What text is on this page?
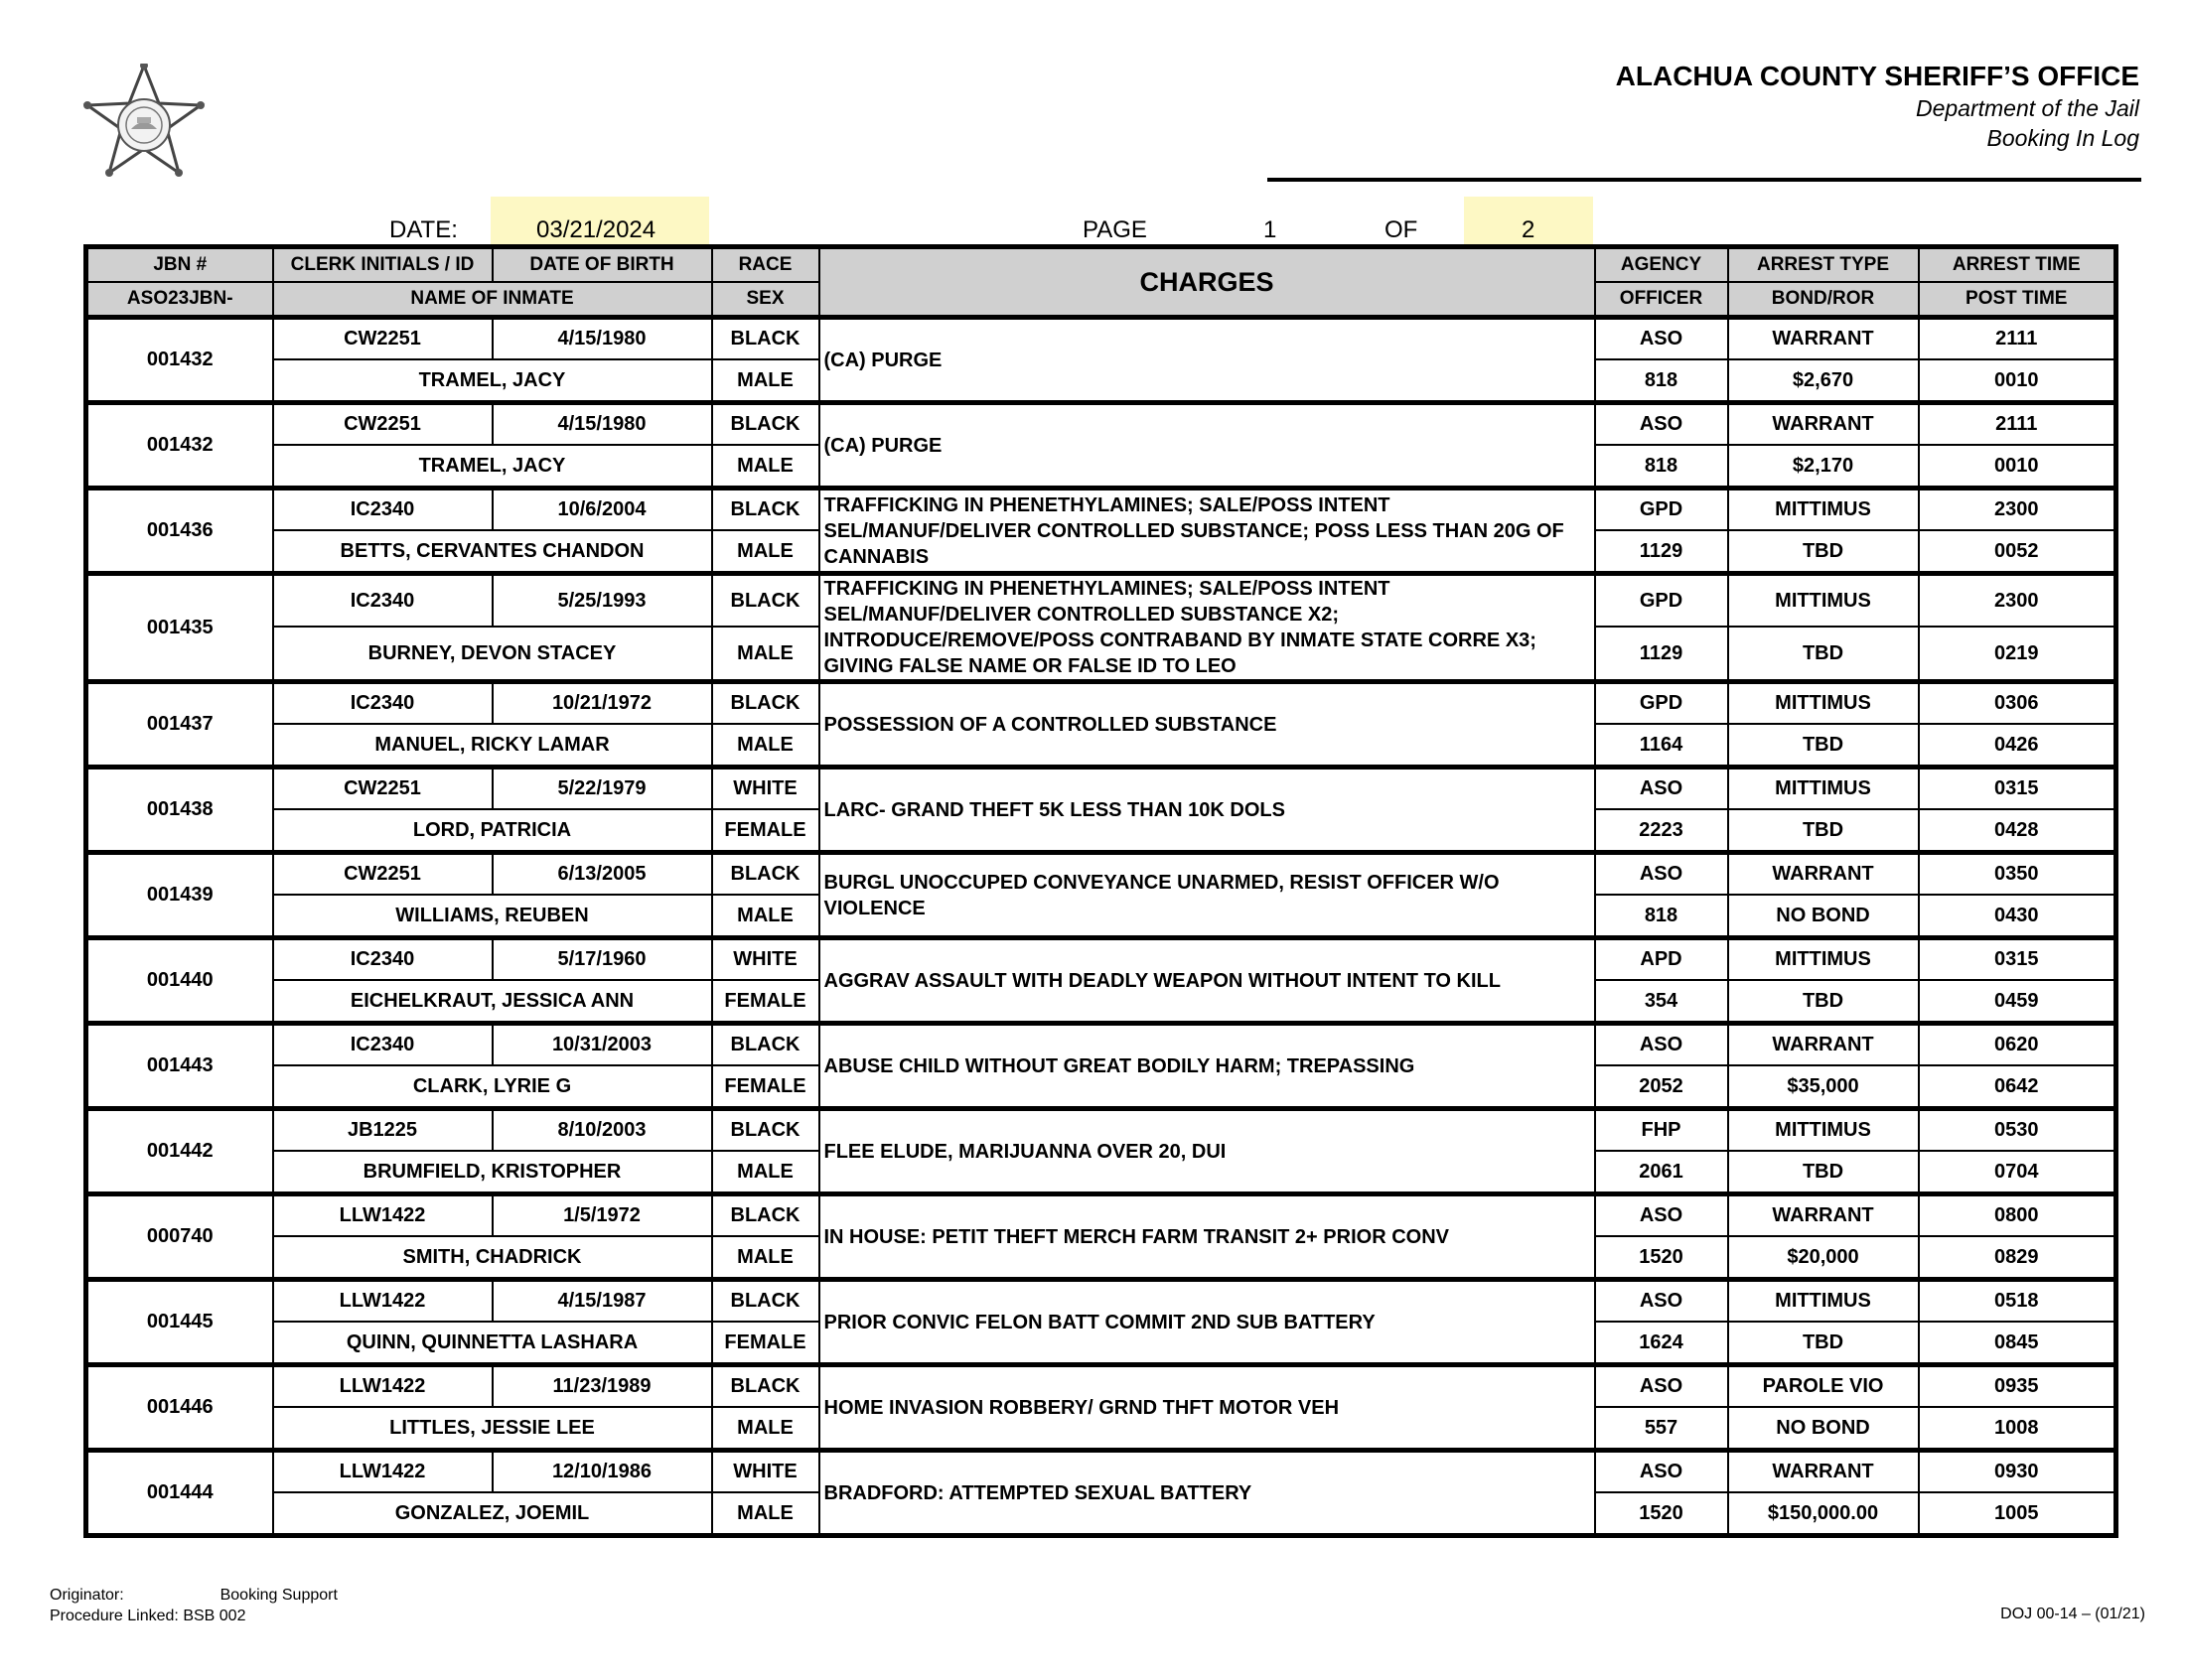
ALACHUA COUNTY SHERIFF’S OFFICE
Department of the Jail
Booking In Log
DATE:	03/21/2024	PAGE	1	OF	2
JBN #	CLERK INITIALS / ID	DATE OF BIRTH	RACE	CHARGES	AGENCY	ARREST TYPE	ARREST TIME
ASO23JBN-	NAME OF INMATE		SEX		OFFICER	BOND/ROR	POST TIME
001432	CW2251	4/15/1980	BLACK	(CA) PURGE	ASO	WARRANT	2111
	TRAMEL, JACY		MALE		818	$2,670	0010
001432	CW2251	4/15/1980	BLACK	(CA) PURGE	ASO	WARRANT	2111
	TRAMEL, JACY		MALE		818	$2,170	0010
001436	IC2340	10/6/2004	BLACK	TRAFFICKING IN PHENETHYLAMINES; SALE/POSS INTENT SEL/MANUF/DELIVER CONTROLLED SUBSTANCE; POSS LESS THAN 20G OF CANNABIS	GPD	MITTIMUS	2300
	BETTS, CERVANTES CHANDON		MALE		1129	TBD	0052
001435	IC2340	5/25/1993	BLACK	TRAFFICKING IN PHENETHYLAMINES; SALE/POSS INTENT SEL/MANUF/DELIVER CONTROLLED SUBSTANCE X2; INTRODUCE/REMOVE/POSS CONTRABAND BY INMATE STATE CORRE X3; GIVING FALSE NAME OR FALSE ID TO LEO	GPD	MITTIMUS	2300
	BURNEY, DEVON STACEY		MALE		1129	TBD	0219
001437	IC2340	10/21/1972	BLACK	POSSESSION OF A CONTROLLED SUBSTANCE	GPD	MITTIMUS	0306
	MANUEL, RICKY LAMAR		MALE		1164	TBD	0426
001438	CW2251	5/22/1979	WHITE	LARC- GRAND THEFT 5K LESS THAN 10K DOLS	ASO	MITTIMUS	0315
	LORD, PATRICIA		FEMALE		2223	TBD	0428
001439	CW2251	6/13/2005	BLACK	BURGL UNOCCUPED CONVEYANCE UNARMED, RESIST OFFICER W/O VIOLENCE	ASO	WARRANT	0350
	WILLIAMS, REUBEN		MALE		818	NO BOND	0430
001440	IC2340	5/17/1960	WHITE	AGGRAV ASSAULT WITH DEADLY WEAPON WITHOUT INTENT TO KILL	APD	MITTIMUS	0315
	EICHELKRAUT, JESSICA ANN		FEMALE		354	TBD	0459
001443	IC2340	10/31/2003	BLACK	ABUSE CHILD WITHOUT GREAT BODILY HARM; TREPASSING	ASO	WARRANT	0620
	CLARK, LYRIE G		FEMALE		2052	$35,000	0642
001442	JB1225	8/10/2003	BLACK	FLEE ELUDE, MARIJUANNA OVER 20, DUI	FHP	MITTIMUS	0530
	BRUMFIELD, KRISTOPHER		MALE		2061	TBD	0704
000740	LLW1422	1/5/1972	BLACK	IN HOUSE: PETIT THEFT MERCH FARM TRANSIT 2+ PRIOR CONV	ASO	WARRANT	0800
	SMITH, CHADRICK		MALE		1520	$20,000	0829
001445	LLW1422	4/15/1987	BLACK	PRIOR CONVIC FELON BATT COMMIT 2ND SUB BATTERY	ASO	MITTIMUS	0518
	QUINN, QUINNETTA LASHARA		FEMALE		1624	TBD	0845
001446	LLW1422	11/23/1989	BLACK	HOME INVASION ROBBERY/ GRND THFT MOTOR VEH	ASO	PAROLE VIO	0935
	LITTLES, JESSIE LEE		MALE		557	NO BOND	1008
001444	LLW1422	12/10/1986	WHITE	BRADFORD: ATTEMPTED SEXUAL BATTERY	ASO	WARRANT	0930
	GONZALEZ, JOEMIL		MALE		1520	$150,000.00	1005
Originator:	Booking Support
Procedure Linked: BSB 002	DOJ 00-14 – (01/21)
